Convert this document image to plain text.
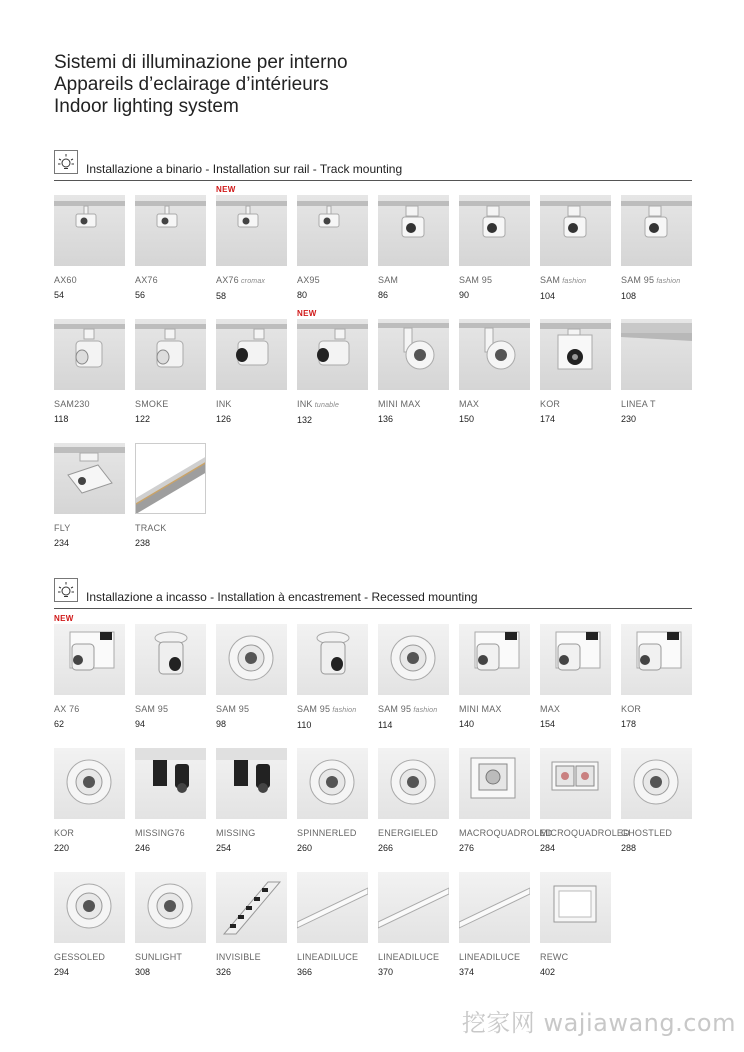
Sistemi di illuminazione per interno
Appareils d’eclairage d’intérieurs
Indoor lighting system
Installazione a binario - Installation sur rail - Track mounting
AX60
54
AX76
56
NEW
AX76 cromax
58
AX95
80
SAM
86
SAM 95
90
SAM fashion
104
SAM 95 fashion
108
SAM230
118
SMOKE
122
INK
126
NEW
INK tunable
132
MINI MAX
136
MAX
150
KOR
174
LINEA T
230
FLY
234
TRACK
238
Installazione a incasso - Installation à encastrement - Recessed mounting
NEW
AX 76
62
SAM 95
94
SAM 95
98
SAM 95 fashion
110
SAM 95 fashion
114
MINI MAX
140
MAX
154
KOR
178
KOR
220
MISSING76
246
MISSING
254
SPINNERLED
260
ENERGIELED
266
MACROQUADROLED
276
MICROQUADROLED
284
GHOSTLED
288
GESSOLED
294
SUNLIGHT
308
INVISIBLE
326
LINEADILUCE
366
LINEADILUCE
370
LINEADILUCE
374
REWC
402
挖家网 wajiawang.com
